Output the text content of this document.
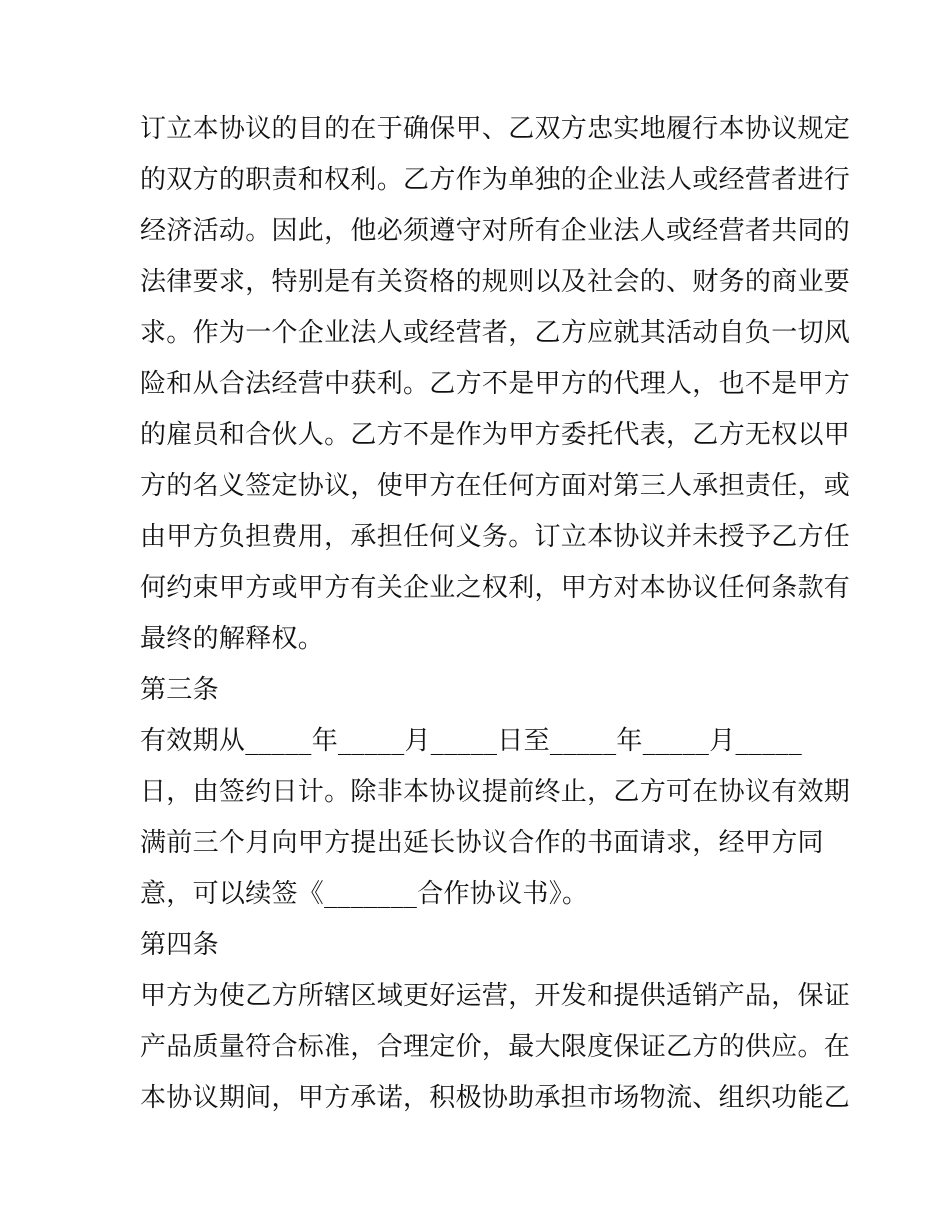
订立本协议的目的在于确保甲、乙双方忠实地履行本协议规定
的双方的职责和权利。乙方作为单独的企业法人或经营者进行
经济活动。因此，他必须遵守对所有企业法人或经营者共同的
法律要求，特别是有关资格的规则以及社会的、财务的商业要
求。作为一个企业法人或经营者，乙方应就其活动自负一切风
险和从合法经营中获利。乙方不是甲方的代理人，也不是甲方
的雇员和合伙人。乙方不是作为甲方委托代表，乙方无权以甲
方的名义签定协议，使甲方在任何方面对第三人承担责任，或
由甲方负担费用，承担任何义务。订立本协议并未授予乙方任
何约束甲方或甲方有关企业之权利，甲方对本协议任何条款有
最终的解释权。
第三条
有效期从_____年_____月_____日至_____年_____月_____
日，由签约日计。除非本协议提前终止，乙方可在协议有效期
满前三个月向甲方提出延长协议合作的书面请求，经甲方同
意，可以续签《_______合作协议书》。
第四条
甲方为使乙方所辖区域更好运营，开发和提供适销产品，保证
产品质量符合标准，合理定价，最大限度保证乙方的供应。在
本协议期间，甲方承诺，积极协助承担市场物流、组织功能乙
